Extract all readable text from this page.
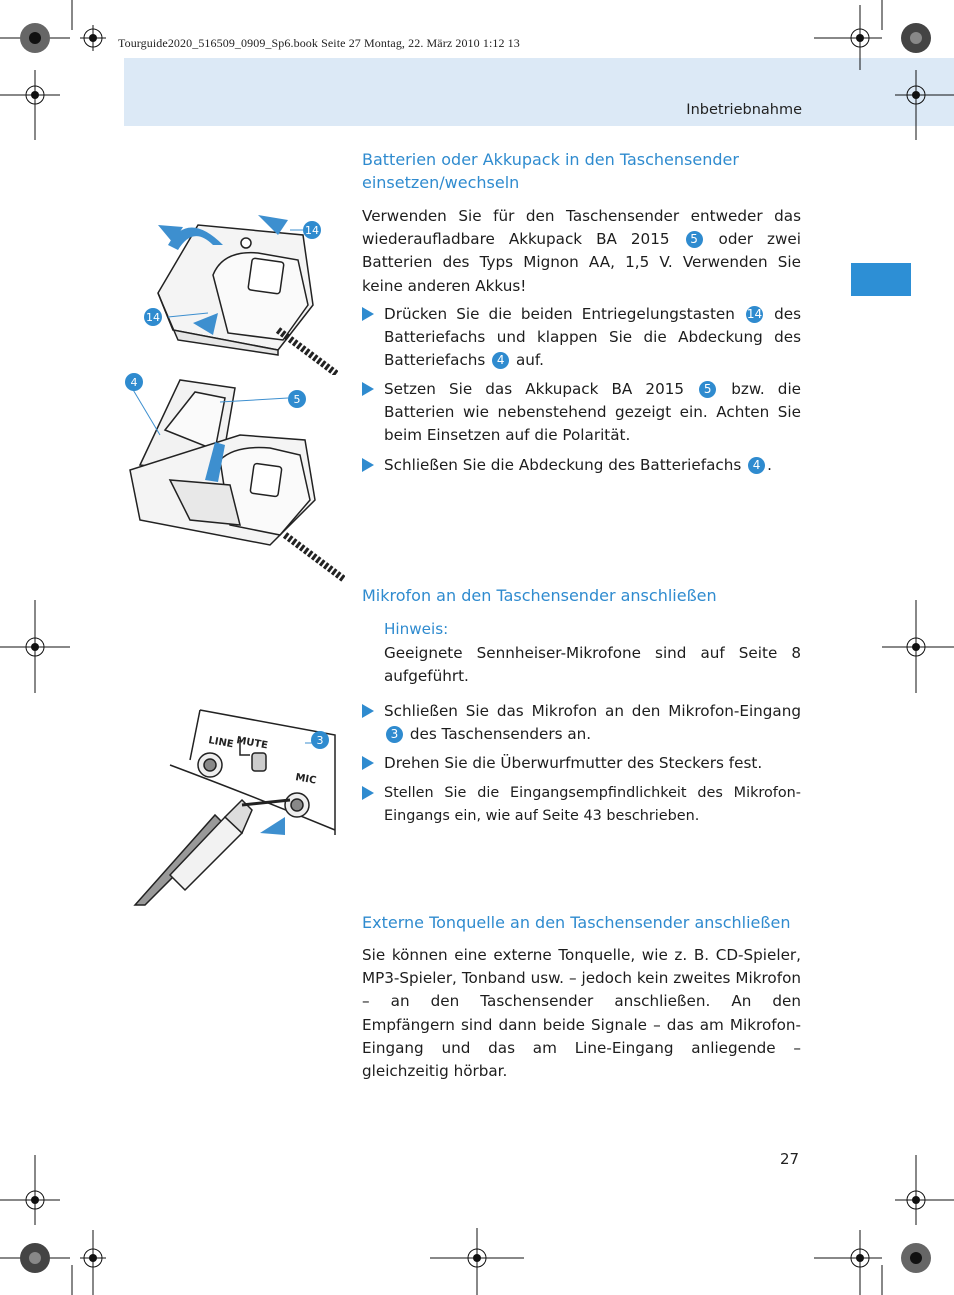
Tourguide2020_516509_0909_Sp6.book Seite 27 Montag, 22. März 2010 1:12 13
Inbetriebnahme
14
14
4
5
LINE MUTE
MIC
3
Batterien oder Akkupack in den Taschensender
einsetzen/wechseln
Verwenden Sie für den Taschensender entweder das wiederaufladbare Akkupack BA 2015 5 oder zwei Batterien des Typs Mignon AA, 1,5 V. Verwenden Sie keine anderen Akkus!
Drücken Sie die beiden Entriegelungstasten 14 des Batteriefachs und klappen Sie die Abdeckung des Batteriefachs 4 auf.
Setzen Sie das Akkupack BA 2015 5 bzw. die Batterien wie nebenstehend gezeigt ein. Achten Sie beim Einsetzen auf die Polarität.
Schließen Sie die Abdeckung des Batteriefachs 4 .
Mikrofon an den Taschensender anschließen
Hinweis:
Geeignete Sennheiser-Mikrofone sind auf Seite 8 aufgeführt.
Schließen Sie das Mikrofon an den Mikrofon-Eingang 3 des Taschensenders an.
Drehen Sie die Überwurfmutter des Steckers fest.
Stellen Sie die Eingangsempfindlichkeit des Mikrofon-Eingangs ein, wie auf Seite 43 beschrieben.
Externe Tonquelle an den Taschensender anschließen
Sie können eine externe Tonquelle, wie z. B. CD-Spieler, MP3-Spieler, Tonband usw. – jedoch kein zweites Mikrofon – an den Taschensender anschließen. An den Empfängern sind dann beide Signale – das am Mikrofon-Eingang und das am Line-Eingang anliegende – gleichzeitig hörbar.
27
